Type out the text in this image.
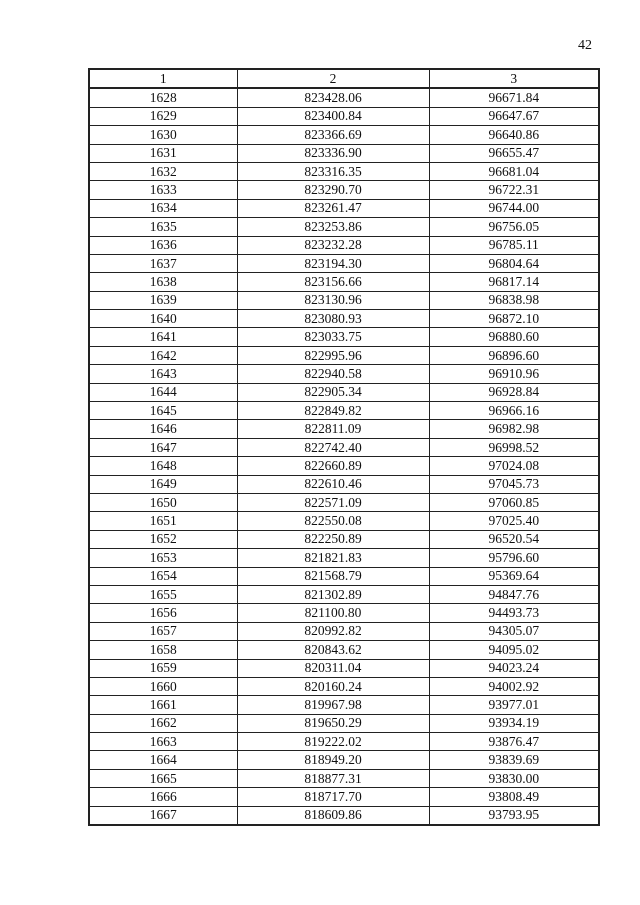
42
1	2	3
1628	823428.06	96671.84
1629	823400.84	96647.67
1630	823366.69	96640.86
1631	823336.90	96655.47
1632	823316.35	96681.04
1633	823290.70	96722.31
1634	823261.47	96744.00
1635	823253.86	96756.05
1636	823232.28	96785.11
1637	823194.30	96804.64
1638	823156.66	96817.14
1639	823130.96	96838.98
1640	823080.93	96872.10
1641	823033.75	96880.60
1642	822995.96	96896.60
1643	822940.58	96910.96
1644	822905.34	96928.84
1645	822849.82	96966.16
1646	822811.09	96982.98
1647	822742.40	96998.52
1648	822660.89	97024.08
1649	822610.46	97045.73
1650	822571.09	97060.85
1651	822550.08	97025.40
1652	822250.89	96520.54
1653	821821.83	95796.60
1654	821568.79	95369.64
1655	821302.89	94847.76
1656	821100.80	94493.73
1657	820992.82	94305.07
1658	820843.62	94095.02
1659	820311.04	94023.24
1660	820160.24	94002.92
1661	819967.98	93977.01
1662	819650.29	93934.19
1663	819222.02	93876.47
1664	818949.20	93839.69
1665	818877.31	93830.00
1666	818717.70	93808.49
1667	818609.86	93793.95
